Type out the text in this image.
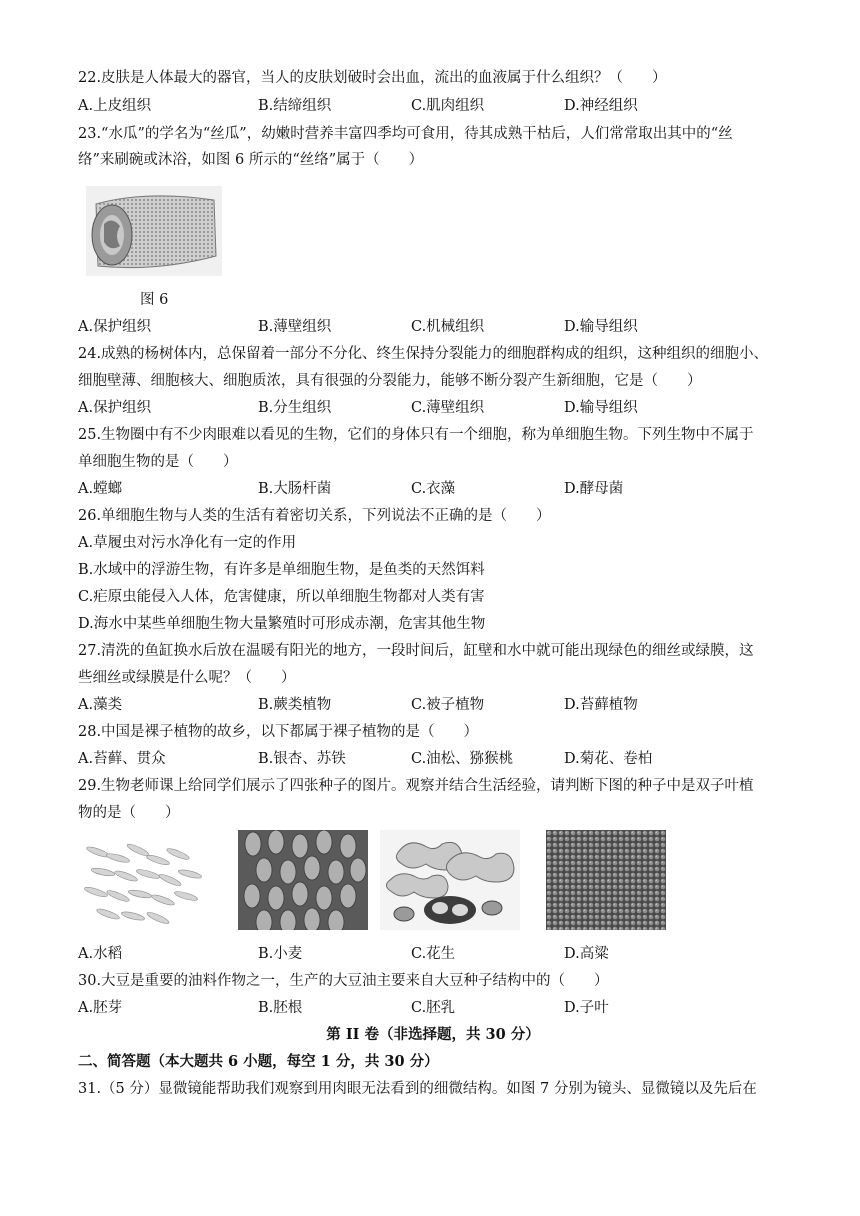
22.皮肤是人体最大的器官，当人的皮肤划破时会出血，流出的血液属于什么组织？（　　）
A.上皮组织	B.结缔组织	C.肌肉组织	D.神经组织
23.“水瓜”的学名为“丝瓜”，幼嫩时营养丰富四季均可食用，待其成熟干枯后，人们常常取出其中的“丝
络”来刷碗或沐浴，如图 6 所示的“丝络”属于（　　）
图 6
A.保护组织	B.薄壁组织	C.机械组织	D.输导组织
24.成熟的杨树体内，总保留着一部分不分化、终生保持分裂能力的细胞群构成的组织，这种组织的细胞小、
细胞壁薄、细胞核大、细胞质浓，具有很强的分裂能力，能够不断分裂产生新细胞，它是（　　）
A.保护组织	B.分生组织	C.薄壁组织	D.输导组织
25.生物圈中有不少肉眼难以看见的生物，它们的身体只有一个细胞，称为单细胞生物。下列生物中不属于
单细胞生物的是（　　）
A.螳螂	B.大肠杆菌	C.衣藻	D.酵母菌
26.单细胞生物与人类的生活有着密切关系，下列说法不正确的是（　　）
A.草履虫对污水净化有一定的作用
B.水域中的浮游生物，有许多是单细胞生物，是鱼类的天然饵料
C.疟原虫能侵入人体，危害健康，所以单细胞生物都对人类有害
D.海水中某些单细胞生物大量繁殖时可形成赤潮，危害其他生物
27.清洗的鱼缸换水后放在温暖有阳光的地方，一段时间后，缸壁和水中就可能出现绿色的细丝或绿膜，这
些细丝或绿膜是什么呢？（　　）
A.藻类	B.蕨类植物	C.被子植物	D.苔藓植物
28.中国是裸子植物的故乡，以下都属于裸子植物的是（　　）
A.苔藓、贯众	B.银杏、苏铁	C.油松、猕猴桃	D.菊花、卷柏
29.生物老师课上给同学们展示了四张种子的图片。观察并结合生活经验，请判断下图的种子中是双子叶植
物的是（　　）
A.水稻	B.小麦	C.花生	D.高粱
30.大豆是重要的油料作物之一，生产的大豆油主要来自大豆种子结构中的（　　）
A.胚芽	B.胚根	C.胚乳	D.子叶
第 II 卷（非选择题，共 30 分）
二、简答题（本大题共 6 小题，每空 1 分，共 30 分）
31.（5 分）显微镜能帮助我们观察到用肉眼无法看到的细微结构。如图 7 分别为镜头、显微镜以及先后在
